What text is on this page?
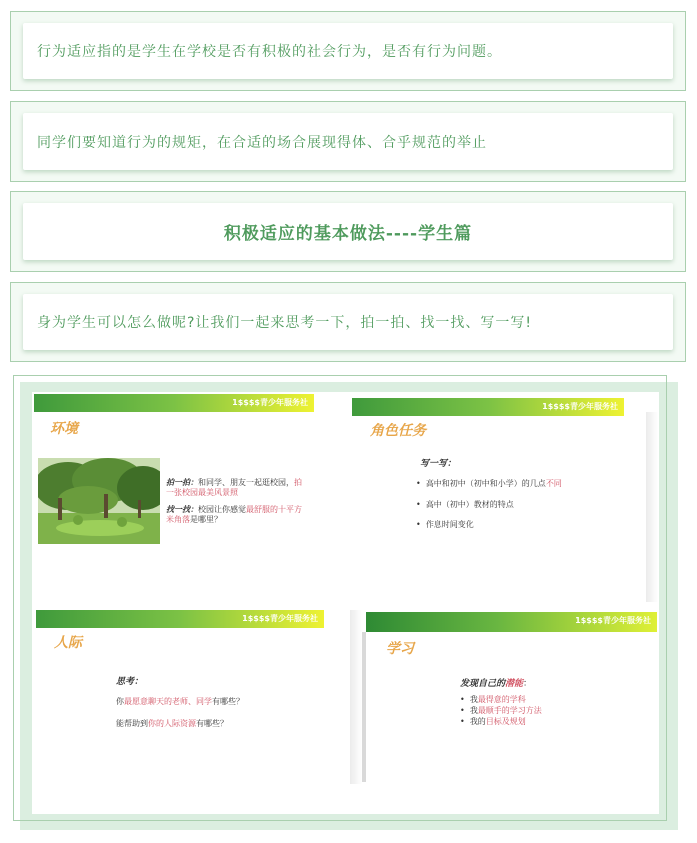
行为适应指的是学生在学校是否有积极的社会行为，是否有行为问题。
同学们要知道行为的规矩，在合适的场合展现得体、合乎规范的举止
积极适应的基本做法----学生篇
身为学生可以怎么做呢?让我们一起来思考一下，拍一拍、找一找、写一写!
1$$$$青少年服务社
环境
拍一拍：和同学、朋友一起逛校园，拍
一张校园最美风景照
找一找：校园让你感觉最舒服的十平方
米角落是哪里？
1$$$$青少年服务社
角色任务
写一写：
•  高中和初中（初中和小学）的几点不同
•  高中（初中）教材的特点
•  作息时间变化
1$$$$青少年服务社
人际
思考：
你最愿意聊天的老师、同学有哪些？
能帮助到你的人际资源有哪些？
1$$$$青少年服务社
学习
发现自己的潜能：
•  我最得意的学科
•  我最顺手的学习方法
•  我的目标及规划
